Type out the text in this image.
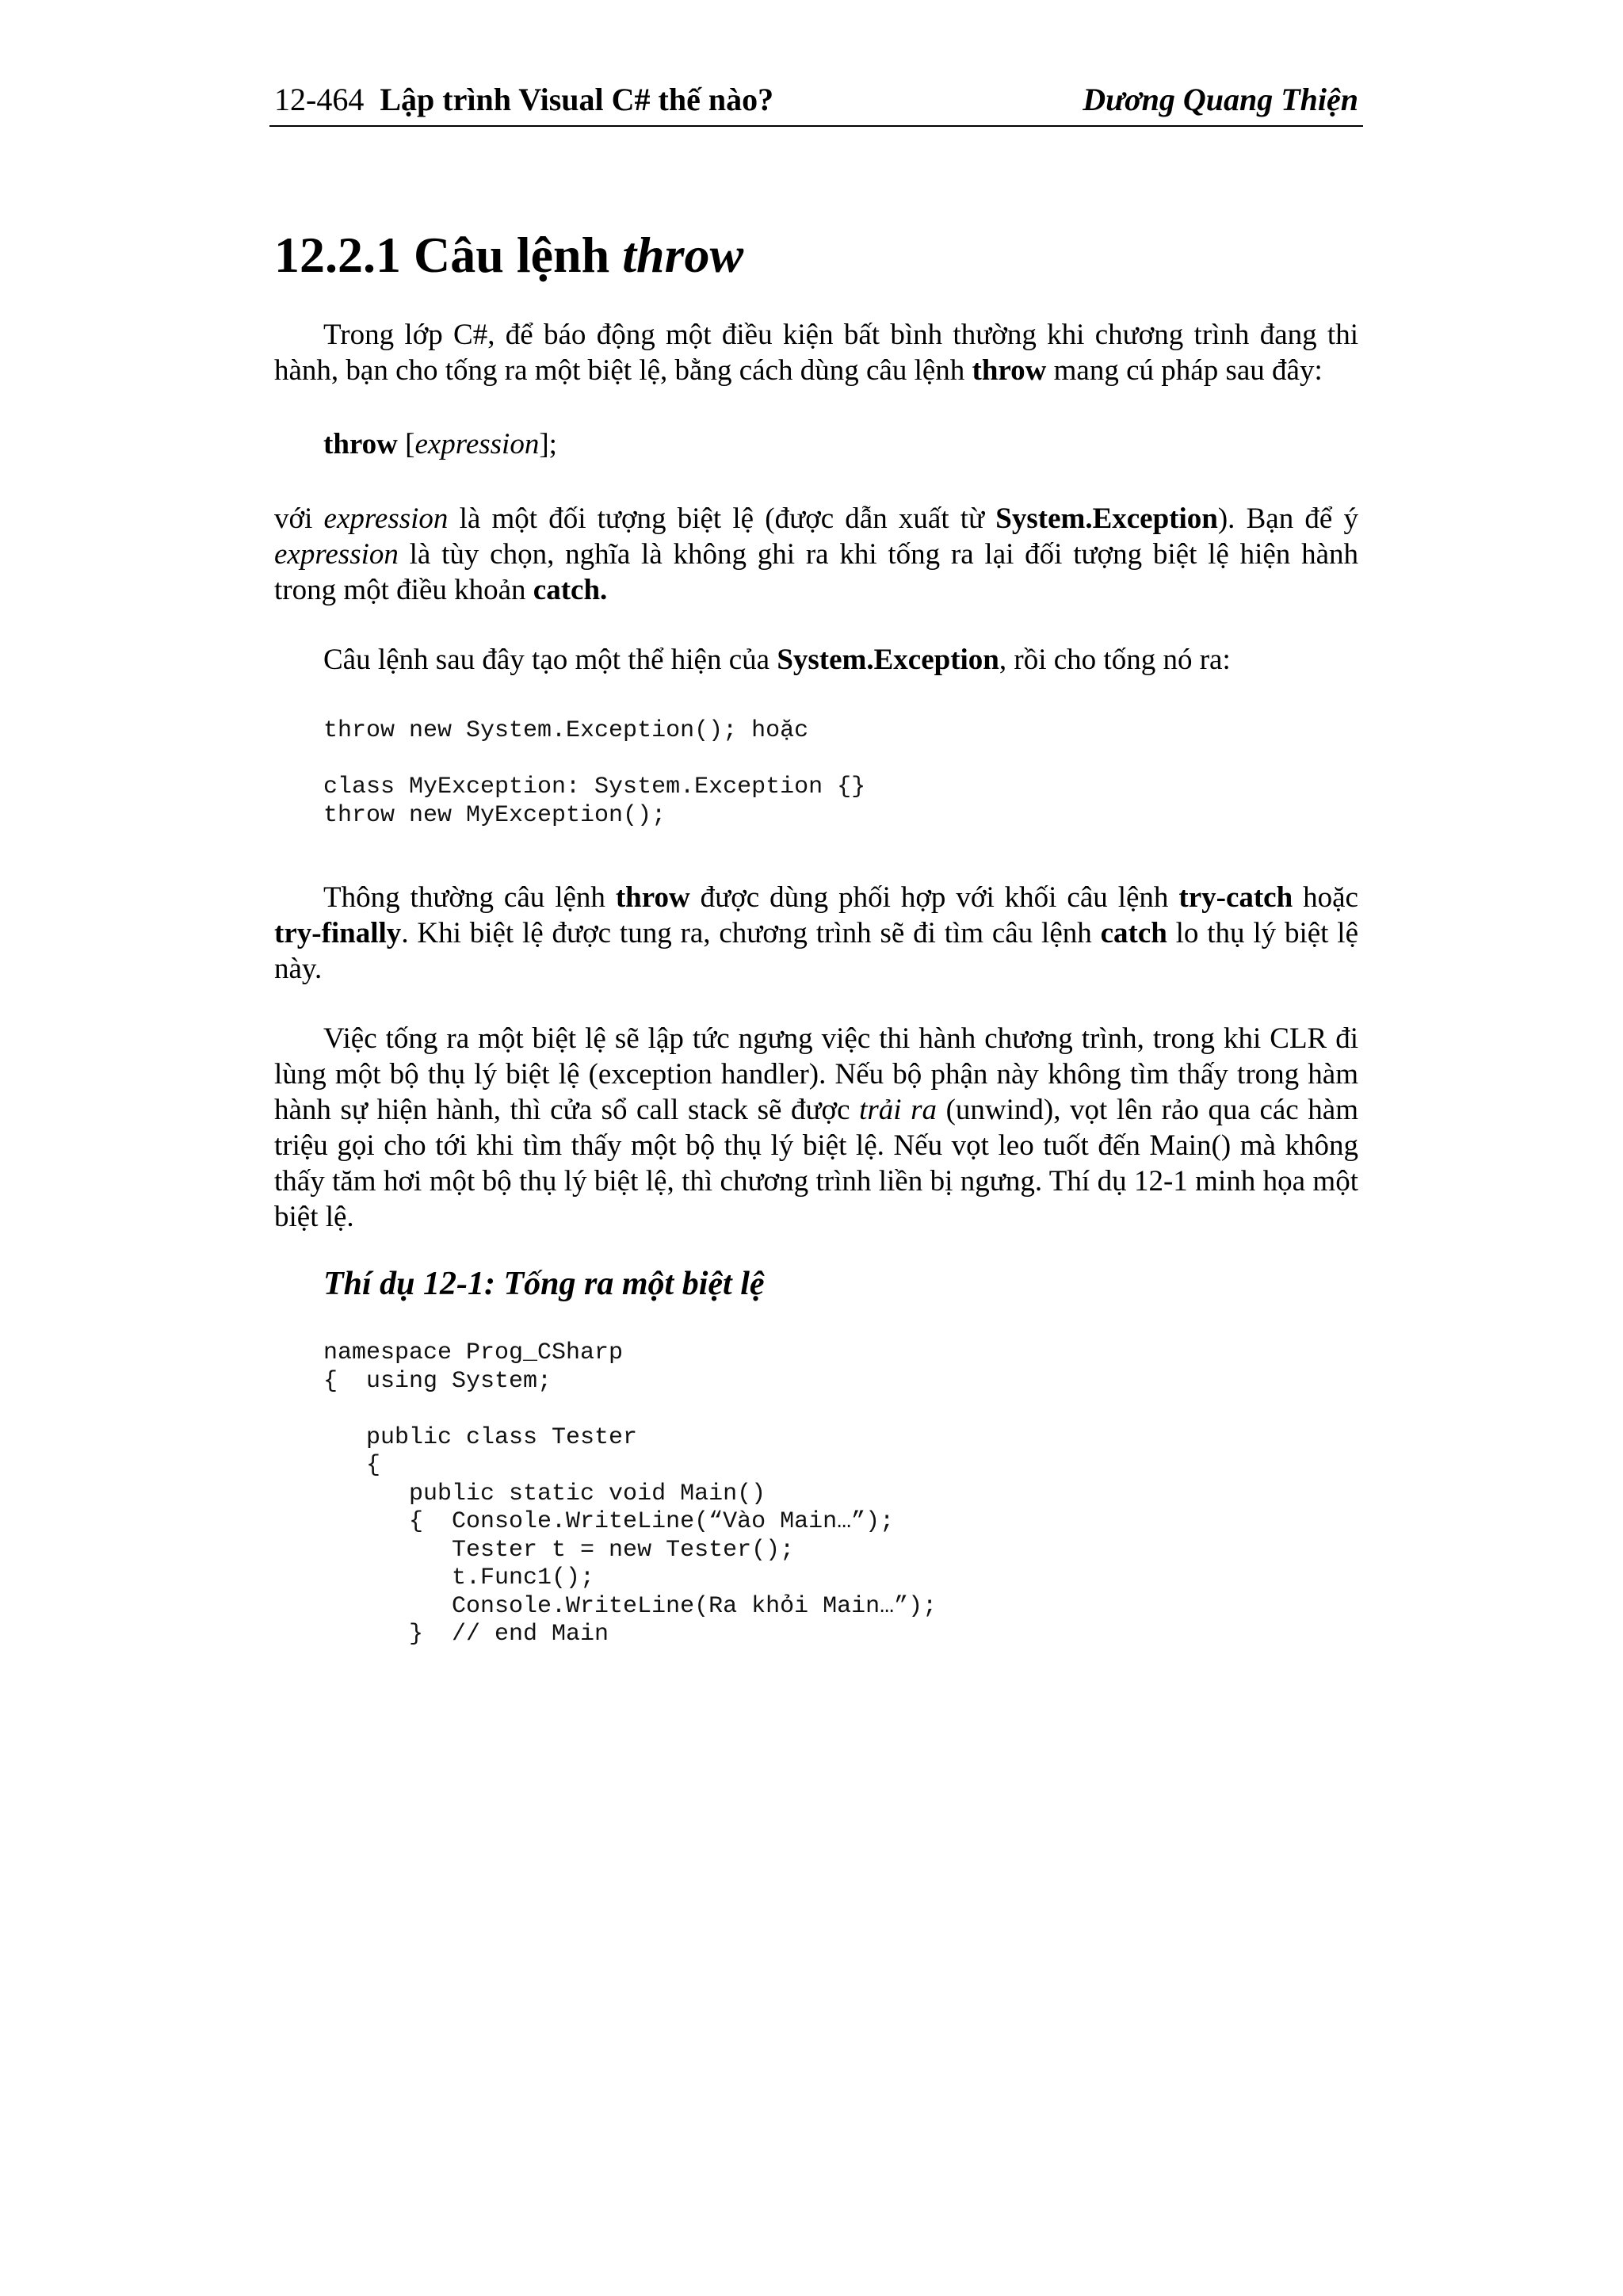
12-464 Lập trình Visual C# thế nào?	Dương Quang Thiện
12.2.1 Câu lệnh throw
Trong lớp C#, để báo động một điều kiện bất bình thường khi chương trình đang thi hành, bạn cho tống ra một biệt lệ, bằng cách dùng câu lệnh throw mang cú pháp sau đây:
throw [expression];
với expression là một đối tượng biệt lệ (được dẫn xuất từ System.Exception). Bạn để ý expression là tùy chọn, nghĩa là không ghi ra khi tống ra lại đối tượng biệt lệ hiện hành trong một điều khoản catch.
Câu lệnh sau đây tạo một thể hiện của System.Exception, rồi cho tống nó ra:
throw new System.Exception(); hoặc

class MyException: System.Exception {}
throw new MyException();
Thông thường câu lệnh throw được dùng phối hợp với khối câu lệnh try-catch hoặc try-finally. Khi biệt lệ được tung ra, chương trình sẽ đi tìm câu lệnh catch lo thụ lý biệt lệ này.
Việc tống ra một biệt lệ sẽ lập tức ngưng việc thi hành chương trình, trong khi CLR đi lùng một bộ thụ lý biệt lệ (exception handler). Nếu bộ phận này không tìm thấy trong hàm hành sự hiện hành, thì cửa sổ call stack sẽ được trải ra (unwind), vọt lên rảo qua các hàm triệu gọi cho tới khi tìm thấy một bộ thụ lý biệt lệ. Nếu vọt leo tuốt đến Main() mà không thấy tăm hơi một bộ thụ lý biệt lệ, thì chương trình liền bị ngưng. Thí dụ 12-1 minh họa một biệt lệ.
Thí dụ 12-1: Tống ra một biệt lệ
namespace Prog_CSharp
{  using System;

public class Tester
{
public static void Main()
{  Console.WriteLine(“Vào Main…”);
Tester t = new Tester();
t.Func1();
Console.WriteLine(Ra khỏi Main…”);
}  // end Main
